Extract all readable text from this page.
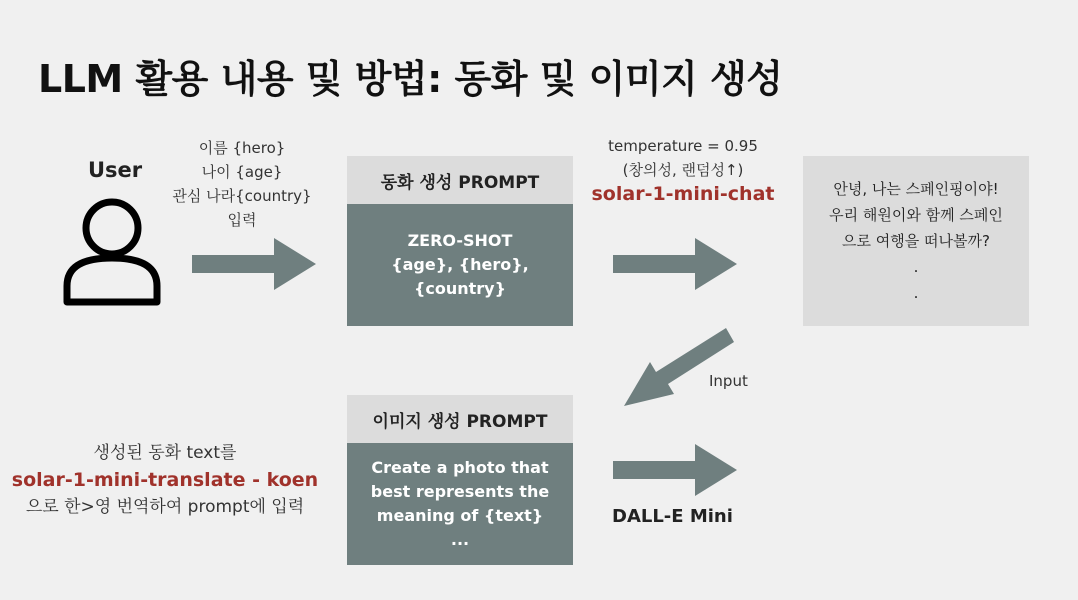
LLM 활용 내용 및 방법: 동화 및 이미지 생성
User
이름 {hero}
나이 {age}
관심 나라{country}
입력
동화 생성 PROMPT
ZERO-SHOT
{age}, {hero}, {country}
temperature = 0.95
(창의성, 랜덤성↑)
solar-1-mini-chat	안녕, 나는 스페인핑이야!
우리 해원이와 함께 스페인
으로 여행을 떠나볼까?
.
.
Input
생성된 동화 text를
solar-1-mini-translate - koen
으로 한>영 번역하여 prompt에 입력
이미지 생성 PROMPT
Create a photo that
best represents the
meaning of {text}
...
DALL-E Mini
